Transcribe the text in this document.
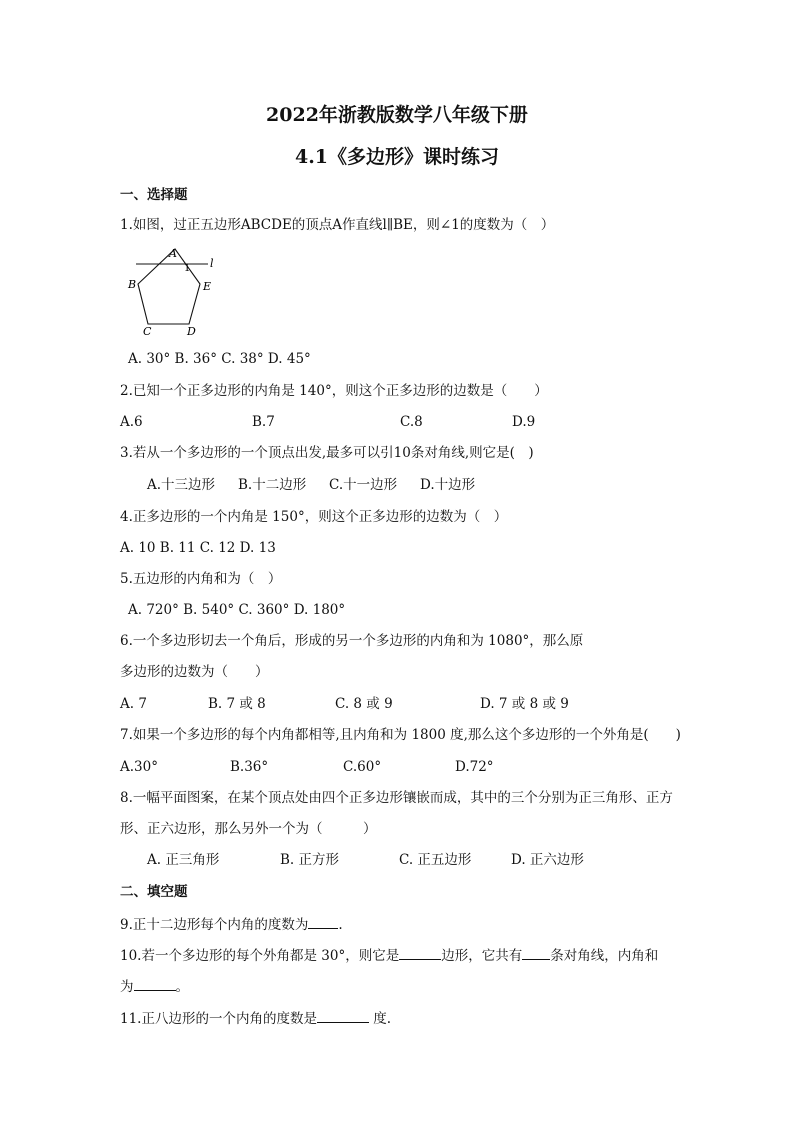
2022年浙教版数学八年级下册
4.1《多边形》课时练习
一、选择题
1.如图，过正五边形ABCDE的顶点A作直线l∥BE，则∠1的度数为（　）
A
l
1
B	E
C	D
A. 30° B. 36° C. 38° D. 45°
2.已知一个正多边形的内角是 140°，则这个正多边形的边数是（　　）
A.6	B.7	C.8	D.9
3.若从一个多边形的一个顶点出发,最多可以引10条对角线,则它是(　)
A.十三边形 B.十二边形 C.十一边形 D.十边形
4.正多边形的一个内角是 150°，则这个正多边形的边数为（　）
A. 10 B. 11 C. 12 D. 13
5.五边形的内角和为（　）
A. 720° B. 540° C. 360° D. 180°
6.一个多边形切去一个角后，形成的另一个多边形的内角和为 1080°，那么原
多边形的边数为（　　）
A. 7	B. 7 或 8	C. 8 或 9	D. 7 或 8 或 9
7.如果一个多边形的每个内角都相等,且内角和为 1800 度,那么这个多边形的一个外角是(　　)
A.30°	B.36°	C.60°	D.72°
8.一幅平面图案，在某个顶点处由四个正多边形镶嵌而成，其中的三个分别为正三角形、正方
形、正六边形，那么另外一个为（　　　）
A. 正三角形	B. 正方形	C. 正五边形	D. 正六边形
二、填空题
9.正十二边形每个内角的度数为 .
10.若一个多边形的每个外角都是 30°，则它是	边形，它共有 条对角线，内角和
为	。
11.正八边形的一个内角的度数是	度.
